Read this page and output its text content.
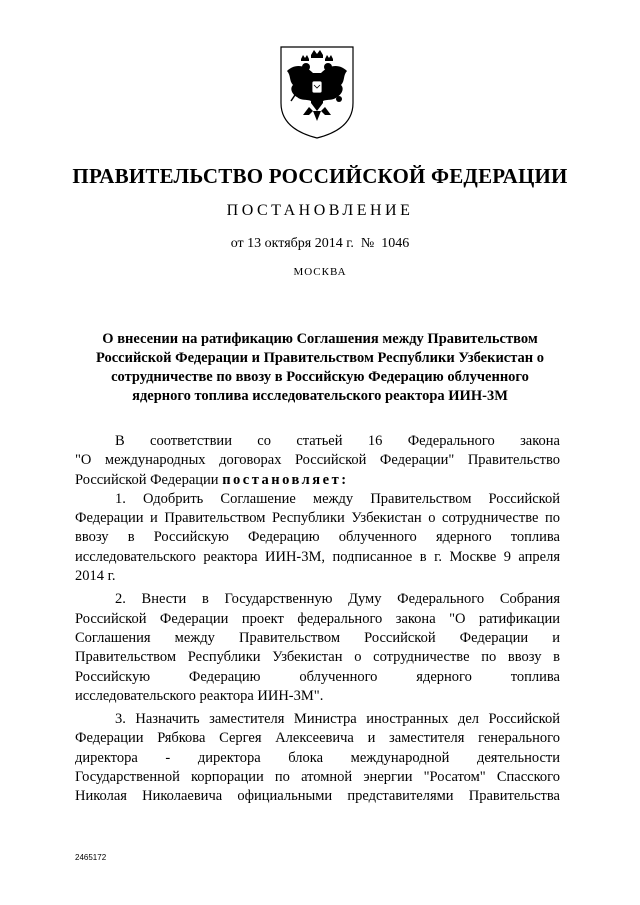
ПРАВИТЕЛЬСТВО РОССИЙСКОЙ ФЕДЕРАЦИИ
ПОСТАНОВЛЕНИЕ
от 13 октября 2014 г.  №  1046
МОСКВА
О внесении на ратификацию Соглашения между Правительством
Российской Федерации и Правительством Республики Узбекистан о
сотрудничестве по ввозу в Российскую Федерацию облученного
ядерного топлива исследовательского реактора ИИН-3М
В соответствии со статьей 16 Федерального закона
"О международных договорах Российской Федерации" Правительство
Российской Федерации постановляет:
1. Одобрить Соглашение между Правительством Российской
Федерации и Правительством Республики Узбекистан о сотрудничестве по
ввозу в Российскую Федерацию облученного ядерного топлива
исследовательского реактора ИИН-3М, подписанное в г. Москве 9 апреля
2014 г.
2. Внести в Государственную Думу Федерального Собрания
Российской Федерации проект федерального закона "О ратификации
Соглашения между Правительством Российской Федерации и
Правительством Республики Узбекистан о сотрудничестве по ввозу в
Российскую Федерацию облученного ядерного топлива
исследовательского реактора ИИН-3М".
3. Назначить заместителя Министра иностранных дел Российской
Федерации Рябкова Сергея Алексеевича и заместителя генерального
директора - директора блока международной деятельности
Государственной корпорации по атомной энергии "Росатом" Спасского
Николая Николаевича официальными представителями Правительства
2465172
